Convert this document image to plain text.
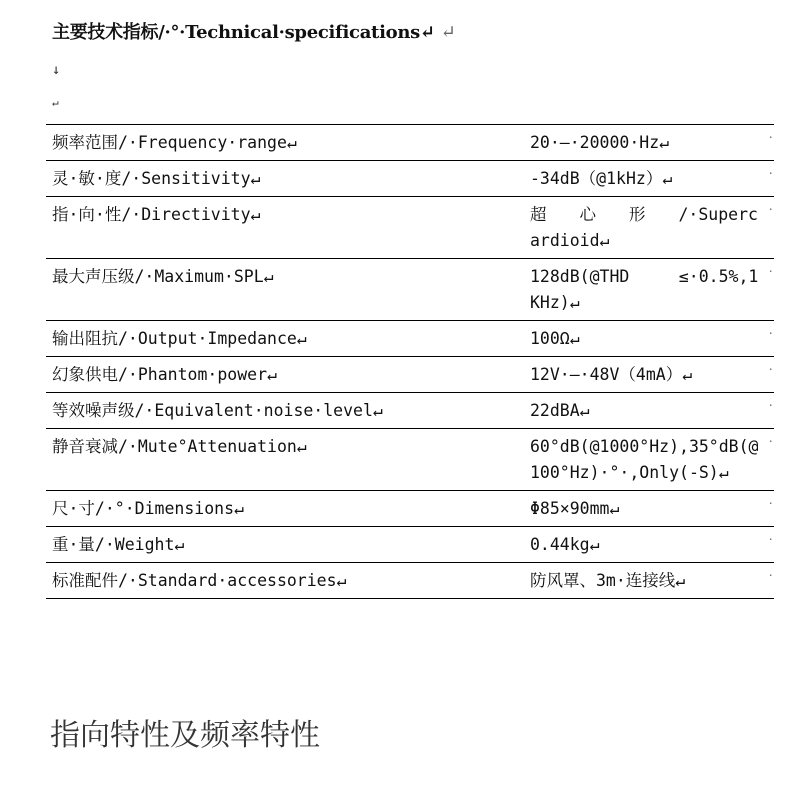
主要技术指标/·°·Technical·specifications↵ ↵
↓
↵
频率范围/·Frequency·range↵	20·–·20000·Hz↵	·
灵·敏·度/·Sensitivity↵	-34dB（@1kHz）↵	·
指·向·性/·Directivity↵	超　　心　　形　　/·Supercardioid↵	·
最大声压级/·Maximum·SPL↵	128dB(@THD　　　≤·0.5%,1KHz)↵	·
输出阻抗/·Output·Impedance↵	100Ω↵	·
幻象供电/·Phantom·power↵	12V·–·48V（4mA）↵	·
等效噪声级/·Equivalent·noise·level↵	22dBA↵	·
静音衰减/·Mute°Attenuation↵	60°dB(@1000°Hz),35°dB(@100°Hz)·°·,Only(-S)↵	·
尺·寸/·°·Dimensions↵	Φ85×90mm↵	·
重·量/·Weight↵	0.44kg↵	·
标准配件/·Standard·accessories↵	防风罩、3m·连接线↵	·
指向特性及频率特性
